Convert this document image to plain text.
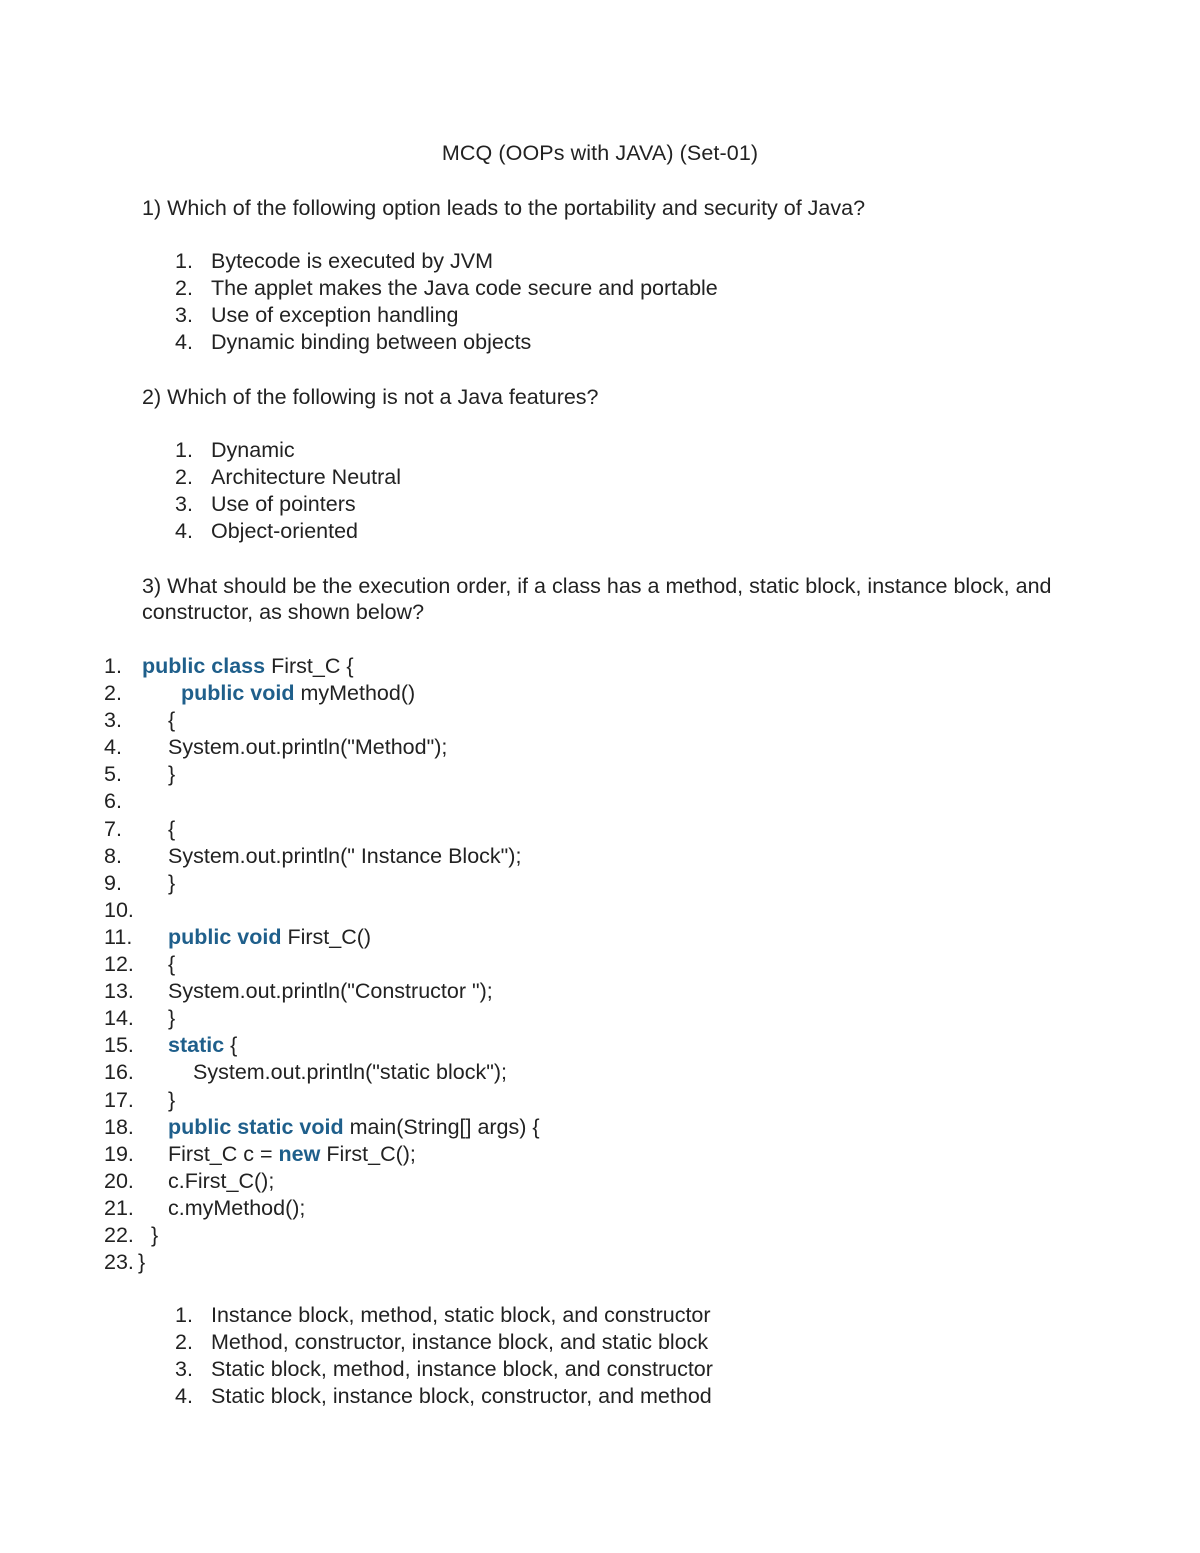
MCQ (OOPs with JAVA) (Set-01)
1) Which of the following option leads to the portability and security of Java?
1. Bytecode is executed by JVM
2. The applet makes the Java code secure and portable
3. Use of exception handling
4. Dynamic binding between objects
2) Which of the following is not a Java features?
1. Dynamic
2. Architecture Neutral
3. Use of pointers
4. Object-oriented
3) What should be the execution order, if a class has a method, static block, instance block, and constructor, as shown below?
1. public class First_C {
2.	public void myMethod()
3. {
4. System.out.println("Method");
5. }
6.
7. {
8. System.out.println(" Instance Block");
9. }
10.
11. public void First_C()
12. {
13. System.out.println("Constructor ");
14. }
15. static {
16.	System.out.println("static block");
17. }
18. public static void main(String[] args) {
19. First_C c = new First_C();
20. c.First_C();
21. c.myMethod();
22. }
23. }
1. Instance block, method, static block, and constructor
2. Method, constructor, instance block, and static block
3. Static block, method, instance block, and constructor
4. Static block, instance block, constructor, and method
